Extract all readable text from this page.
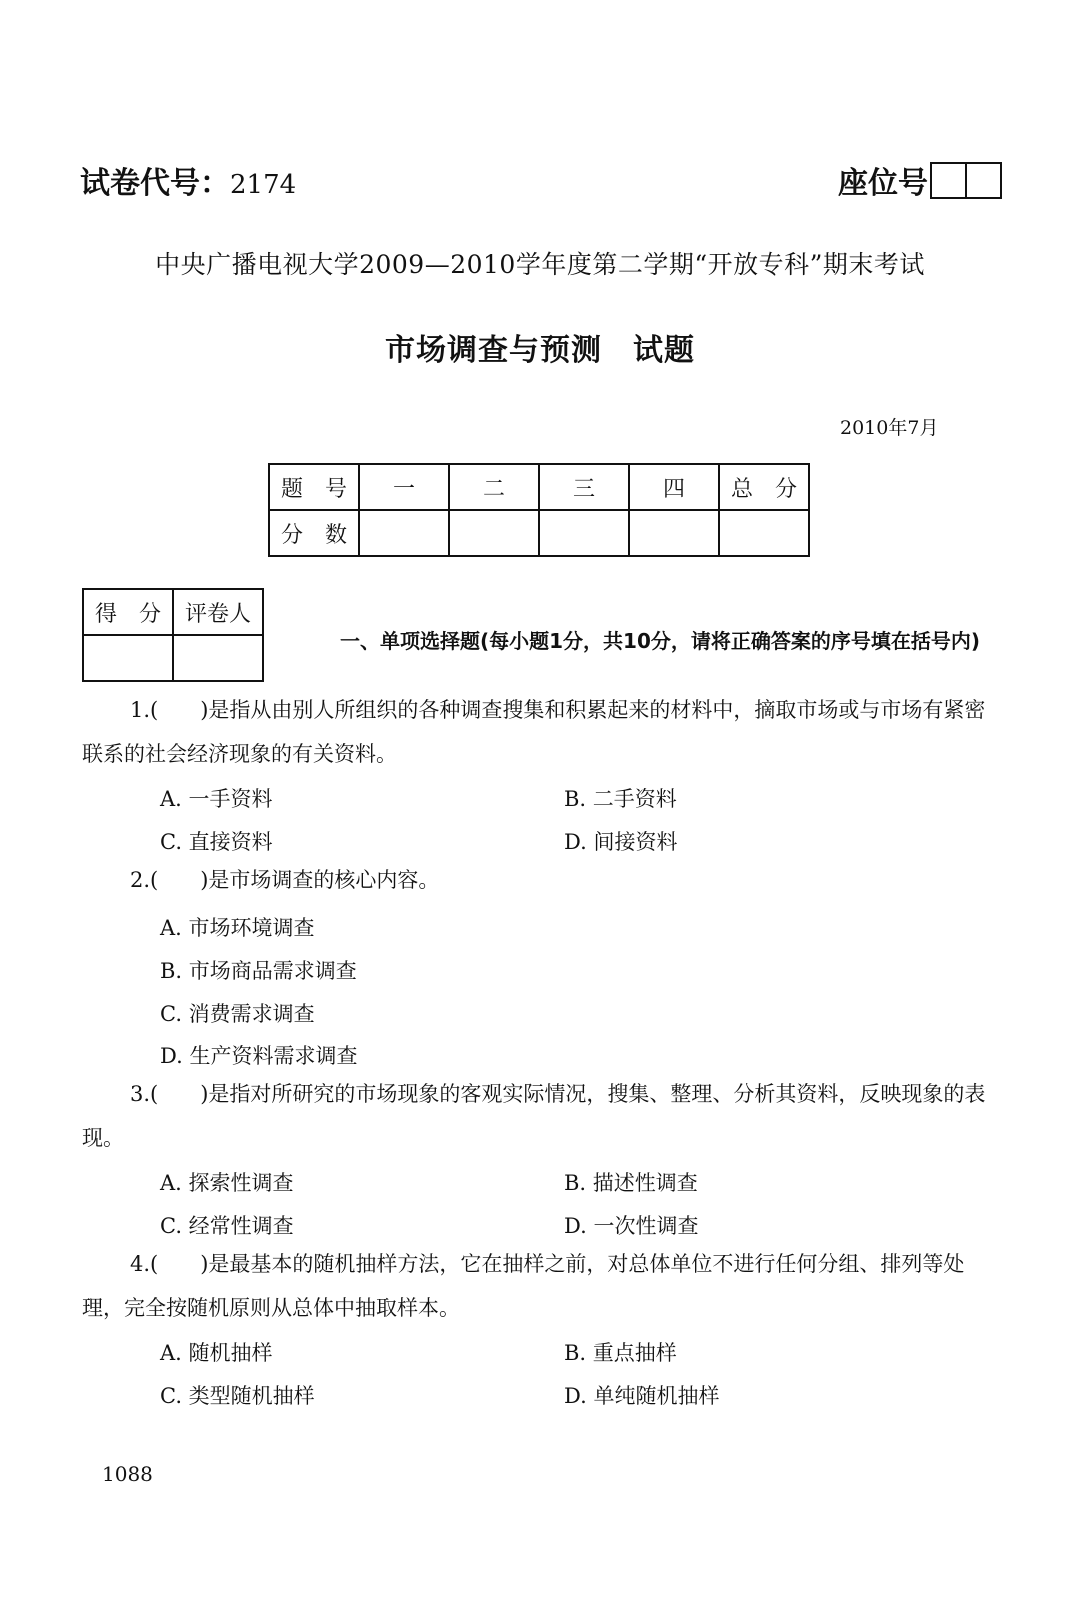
试卷代号：2174	座位号
中央广播电视大学2009—2010学年度第二学期“开放专科”期末考试
市场调查与预测　试题
2010年7月
题　号	一	二	三	四	总　分
分　数					
得　分	评卷人

一、单项选择题(每小题1分，共10分，请将正确答案的序号填在括号内)
1.(　　)是指从由别人所组织的各种调查搜集和积累起来的材料中，摘取市场或与市场有紧密联系的社会经济现象的有关资料。
A. 一手资料	B. 二手资料
C. 直接资料	D. 间接资料
2.(　　)是市场调查的核心内容。
A. 市场环境调查
B. 市场商品需求调查
C. 消费需求调查
D. 生产资料需求调查
3.(　　)是指对所研究的市场现象的客观实际情况，搜集、整理、分析其资料，反映现象的表现。
A. 探索性调查	B. 描述性调查
C. 经常性调查	D. 一次性调查
4.(　　)是最基本的随机抽样方法，它在抽样之前，对总体单位不进行任何分组、排列等处理，完全按随机原则从总体中抽取样本。
A. 随机抽样	B. 重点抽样
C. 类型随机抽样	D. 单纯随机抽样
1088
